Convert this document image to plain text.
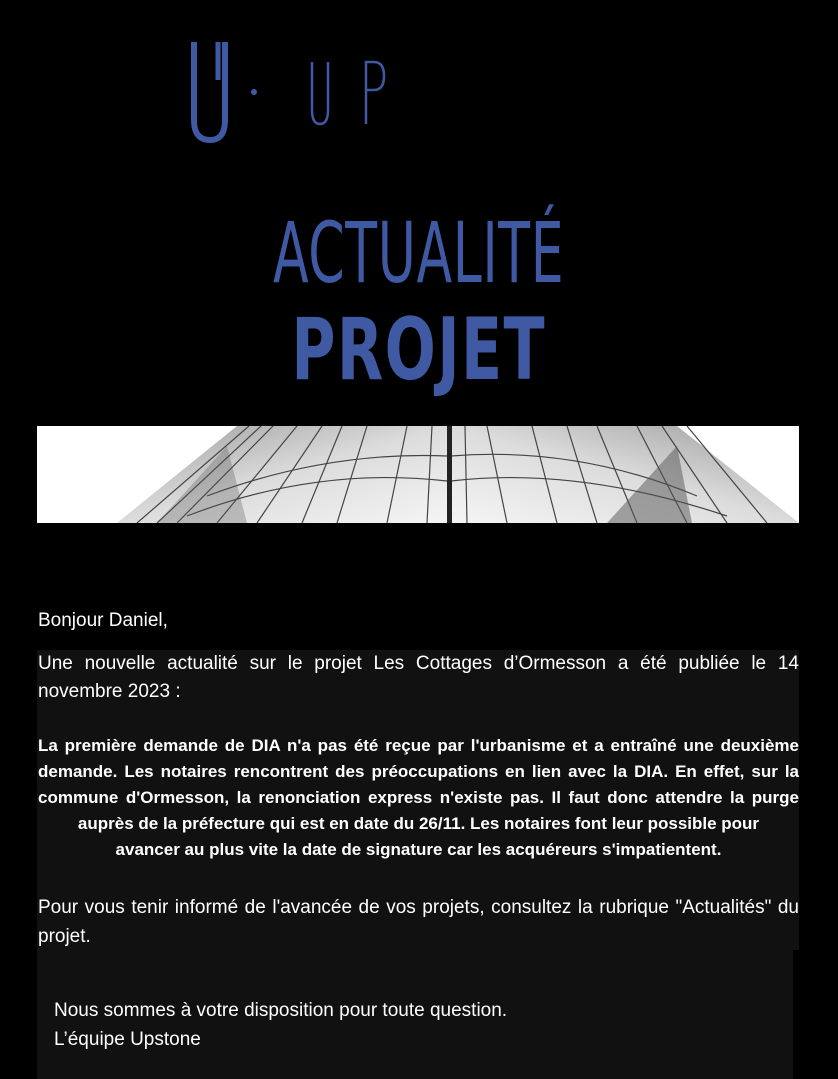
ACTUALITÉ
PROJET
Bonjour Daniel,
Une nouvelle actualité sur le projet Les Cottages d’Ormesson a été publiée le 14 novembre 2023 :
La première demande de DIA n'a pas été reçue par l'urbanisme et a entraîné une deuxième
demande. Les notaires rencontrent des préoccupations en lien avec la DIA. En effet, sur la
commune d'Ormesson, la renonciation express n'existe pas. Il faut donc attendre la purge
auprès de la préfecture qui est en date du 26/11. Les notaires font leur possible pour
avancer au plus vite la date de signature car les acquéreurs s'impatientent.
Pour vous tenir informé de l'avancée de vos projets, consultez la rubrique "Actualités" du projet.
Nous sommes à votre disposition pour toute question.
L’équipe Upstone
